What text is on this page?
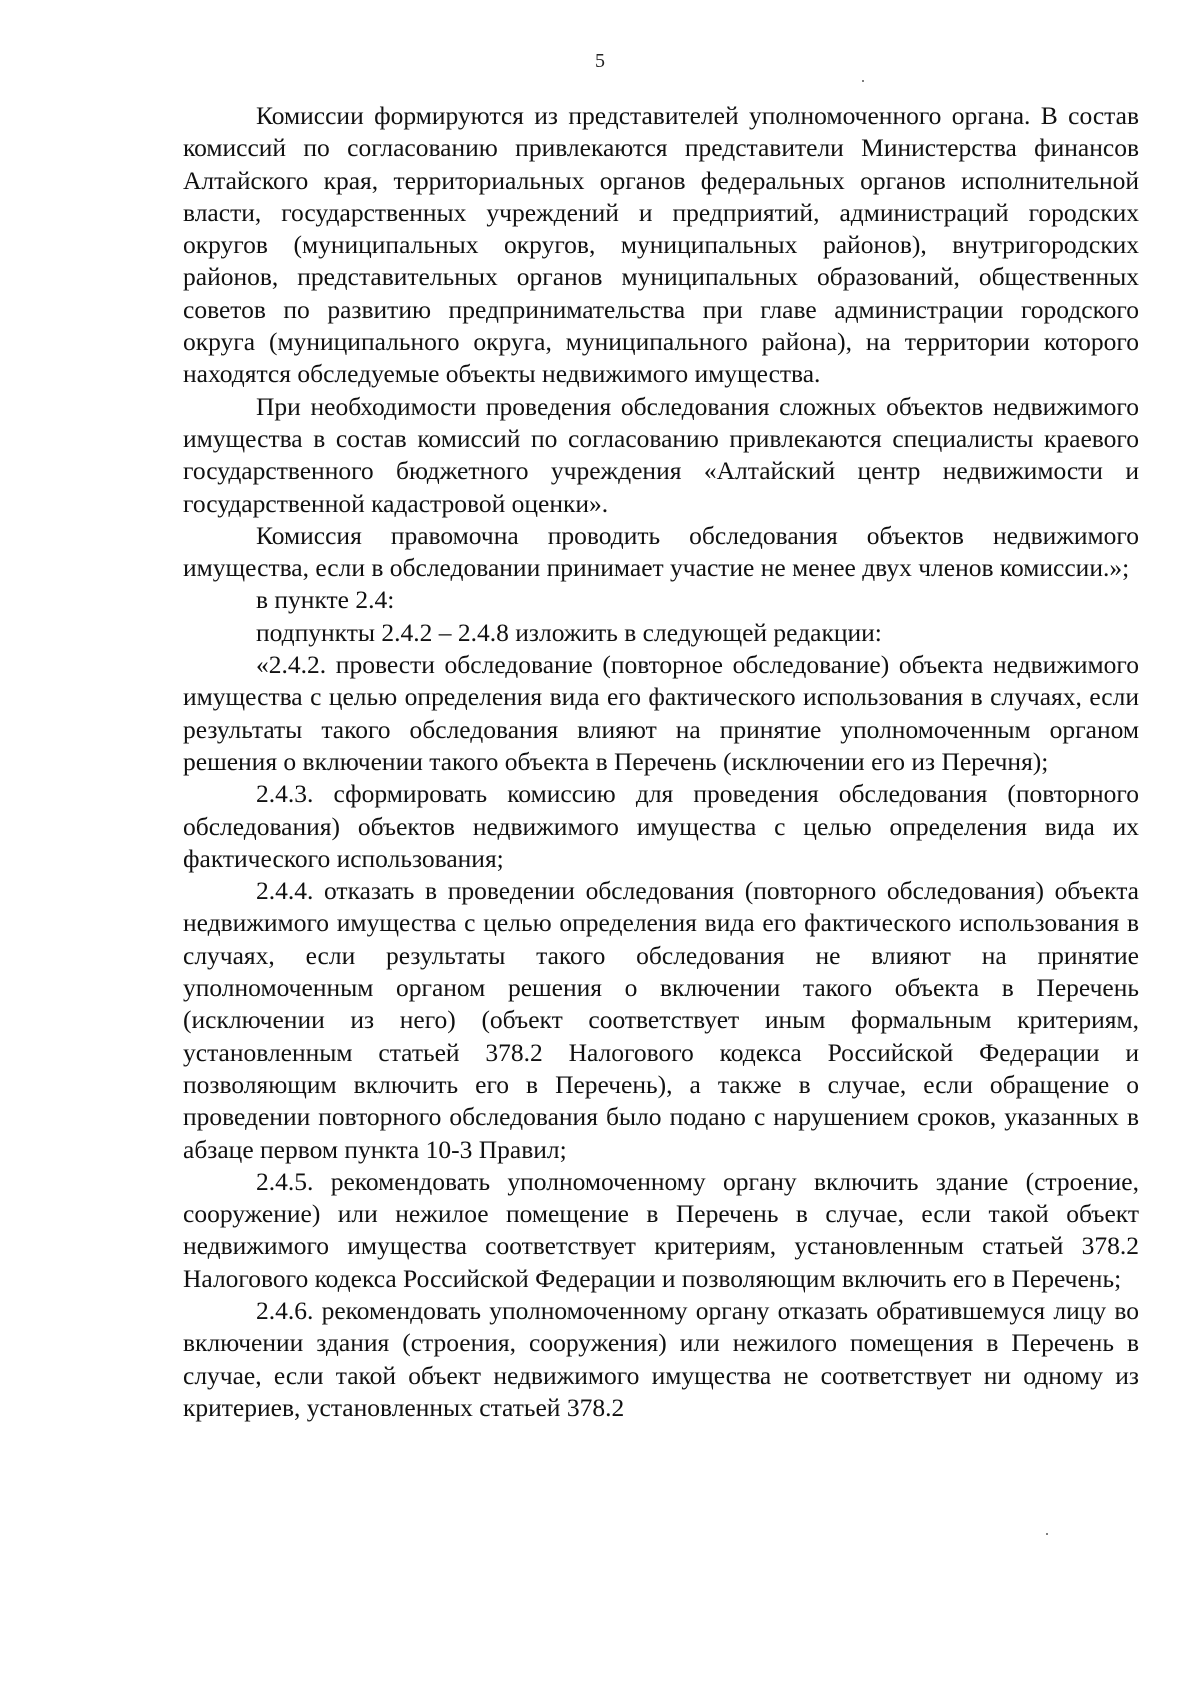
5

Комиссии формируются из представителей уполномоченного органа. В состав комиссий по согласованию привлекаются представители Министерства финансов Алтайского края, территориальных органов федеральных органов исполнительной власти, государственных учреждений и предприятий, администраций городских округов (муниципальных округов, муниципальных районов), внутригородских районов, представительных органов муниципальных образований, общественных советов по развитию предпринимательства при главе администрации городского округа (муниципального округа, муниципального района), на территории которого находятся обследуемые объекты недвижимого имущества.

При необходимости проведения обследования сложных объектов недвижимого имущества в состав комиссий по согласованию привлекаются специалисты краевого государственного бюджетного учреждения «Алтайский центр недвижимости и государственной кадастровой оценки».

Комиссия правомочна проводить обследования объектов недвижимого имущества, если в обследовании принимает участие не менее двух членов комиссии.»;

в пункте 2.4:

подпункты 2.4.2 – 2.4.8 изложить в следующей редакции:

«2.4.2. провести обследование (повторное обследование) объекта недвижимого имущества с целью определения вида его фактического использования в случаях, если результаты такого обследования влияют на принятие уполномоченным органом решения о включении такого объекта в Перечень (исключении его из Перечня);

2.4.3. сформировать комиссию для проведения обследования (повторного обследования) объектов недвижимого имущества с целью определения вида их фактического использования;

2.4.4. отказать в проведении обследования (повторного обследования) объекта недвижимого имущества с целью определения вида его фактического использования в случаях, если результаты такого обследования не влияют на принятие уполномоченным органом решения о включении такого объекта в Перечень (исключении из него) (объект соответствует иным формальным критериям, установленным статьей 378.2 Налогового кодекса Российской Федерации и позволяющим включить его в Перечень), а также в случае, если обращение о проведении повторного обследования было подано с нарушением сроков, указанных в абзаце первом пункта 10-3 Правил;

2.4.5. рекомендовать уполномоченному органу включить здание (строение, сооружение) или нежилое помещение в Перечень в случае, если такой объект недвижимого имущества соответствует критериям, установленным статьей 378.2 Налогового кодекса Российской Федерации и позволяющим включить его в Перечень;

2.4.6. рекомендовать уполномоченному органу отказать обратившемуся лицу во включении здания (строения, сооружения) или нежилого помещения в Перечень в случае, если такой объект недвижимого имущества не соответствует ни одному из критериев, установленных статьей 378.2
